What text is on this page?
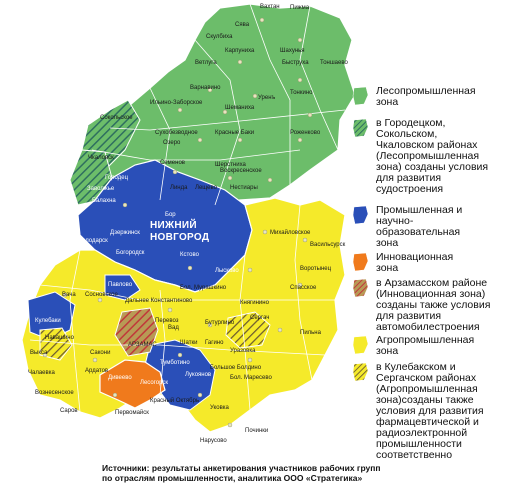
Вахтан Пижма
Сява
Скулбиха
Карпуниха	Шахунья
Ветлуга	Быструха Тоншаево
Варнавино
Уренъ
Тонкино
Ильино-Заборское
Шеманиха
Сокольское
Сухобезводное	Красные Баки	Роженково
Озеро
Шерстниха
Воскресенское
Чкаловск
Семенов
Заволжье	Линда Лещево Нестиары
Городец
Балахна
Бор
НИЖНИЙ
НОВГОРОД	Михайловское
Васильсурск
Володарск
Дзержинск
Кстово
Воротынец
Лысково
Богородск
Бол. Мурашкино	Спасское
Вача Сосновское
Павлово
Дальнее Константиново	Княгинино
Перевоз	Сергач
Пильна
Кулебаки
Навашино
Выкса
Вад
Бутурлино
Гагино
АРЗАМАС	Шатки
Уразовка
Сакони
Ардатов
Чалаевка
Вознесенское
Лукоянов
Тумботино
Бол. Маресево
Саров	Первомайск
Дивеево
Лесогорск
Красный Октябрь
Уковка
Нарусово
Починки
Большое Болдино
Лесопромышленная
зона
в Городецком,
Сокольском,
Чкаловском районах
(Лесопромышленная
зона) созданы условия
для развития
судостроения
Промышленная и
научно-
образовательная
зона
Инновационная
зона
в Арзамасском районе
(Инновационная зона)
созданы также условия
для развития
автомобилестроения
Агропромышленная
зона
в Кулебакском и
Сергачском районах
(Агропромышленная
зона)созданы также
условия для развития
фармацевтической и
радиоэлектронной
промышленности
соответственно
Источники: результаты анкетирования участников рабочих групп
по отраслям промышленности, аналитика ООО «Стратегика»
